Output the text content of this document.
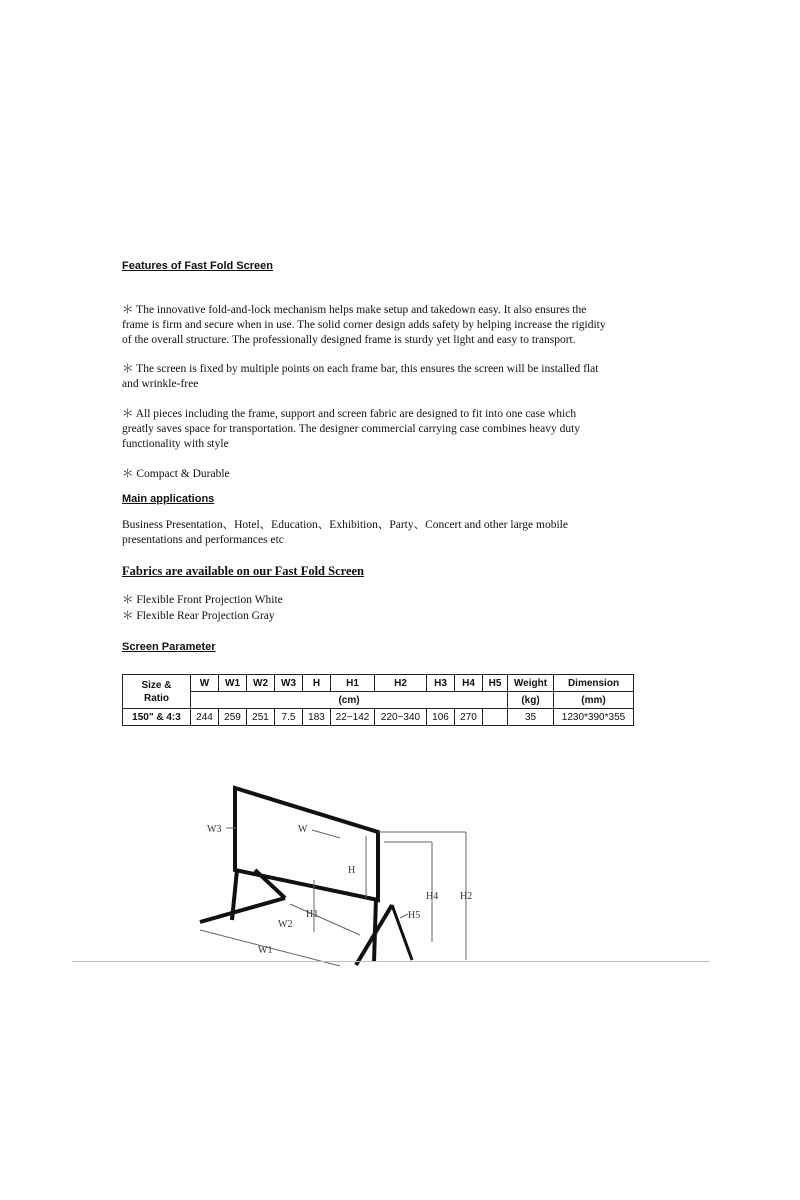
Features of Fast Fold Screen
＊ The innovative fold-and-lock mechanism helps make setup and takedown easy. It also ensures the
frame is firm and secure when in use. The solid corner design adds safety by helping increase the rigidity
of the overall structure. The professionally designed frame is sturdy yet light and easy to transport.
＊ The screen is fixed by multiple points on each frame bar, this ensures the screen will be installed flat
and wrinkle-free
＊ All pieces including the frame, support and screen fabric are designed to fit into one case which
greatly saves space for transportation. The designer commercial carrying case combines heavy duty
functionality with style
＊ Compact & Durable
Main applications
Business Presentation、Hotel、Education、Exhibition、Party、Concert and other large mobile
presentations and performances etc
Fabrics are available on our Fast Fold Screen
＊ Flexible Front Projection White
＊ Flexible Rear Projection Gray
Screen Parameter
Size &
Ratio	W	W1	W2	W3	H	H1	H2	H3	H4	H5	Weight	Dimension
	(cm)										(kg)	(mm)
150" & 4:3	244	259	251	7.5	183	22~142	220~340	106	270		35	1230*390*355
W3	W
H
H1
W2
W1
H4 H2
H5
